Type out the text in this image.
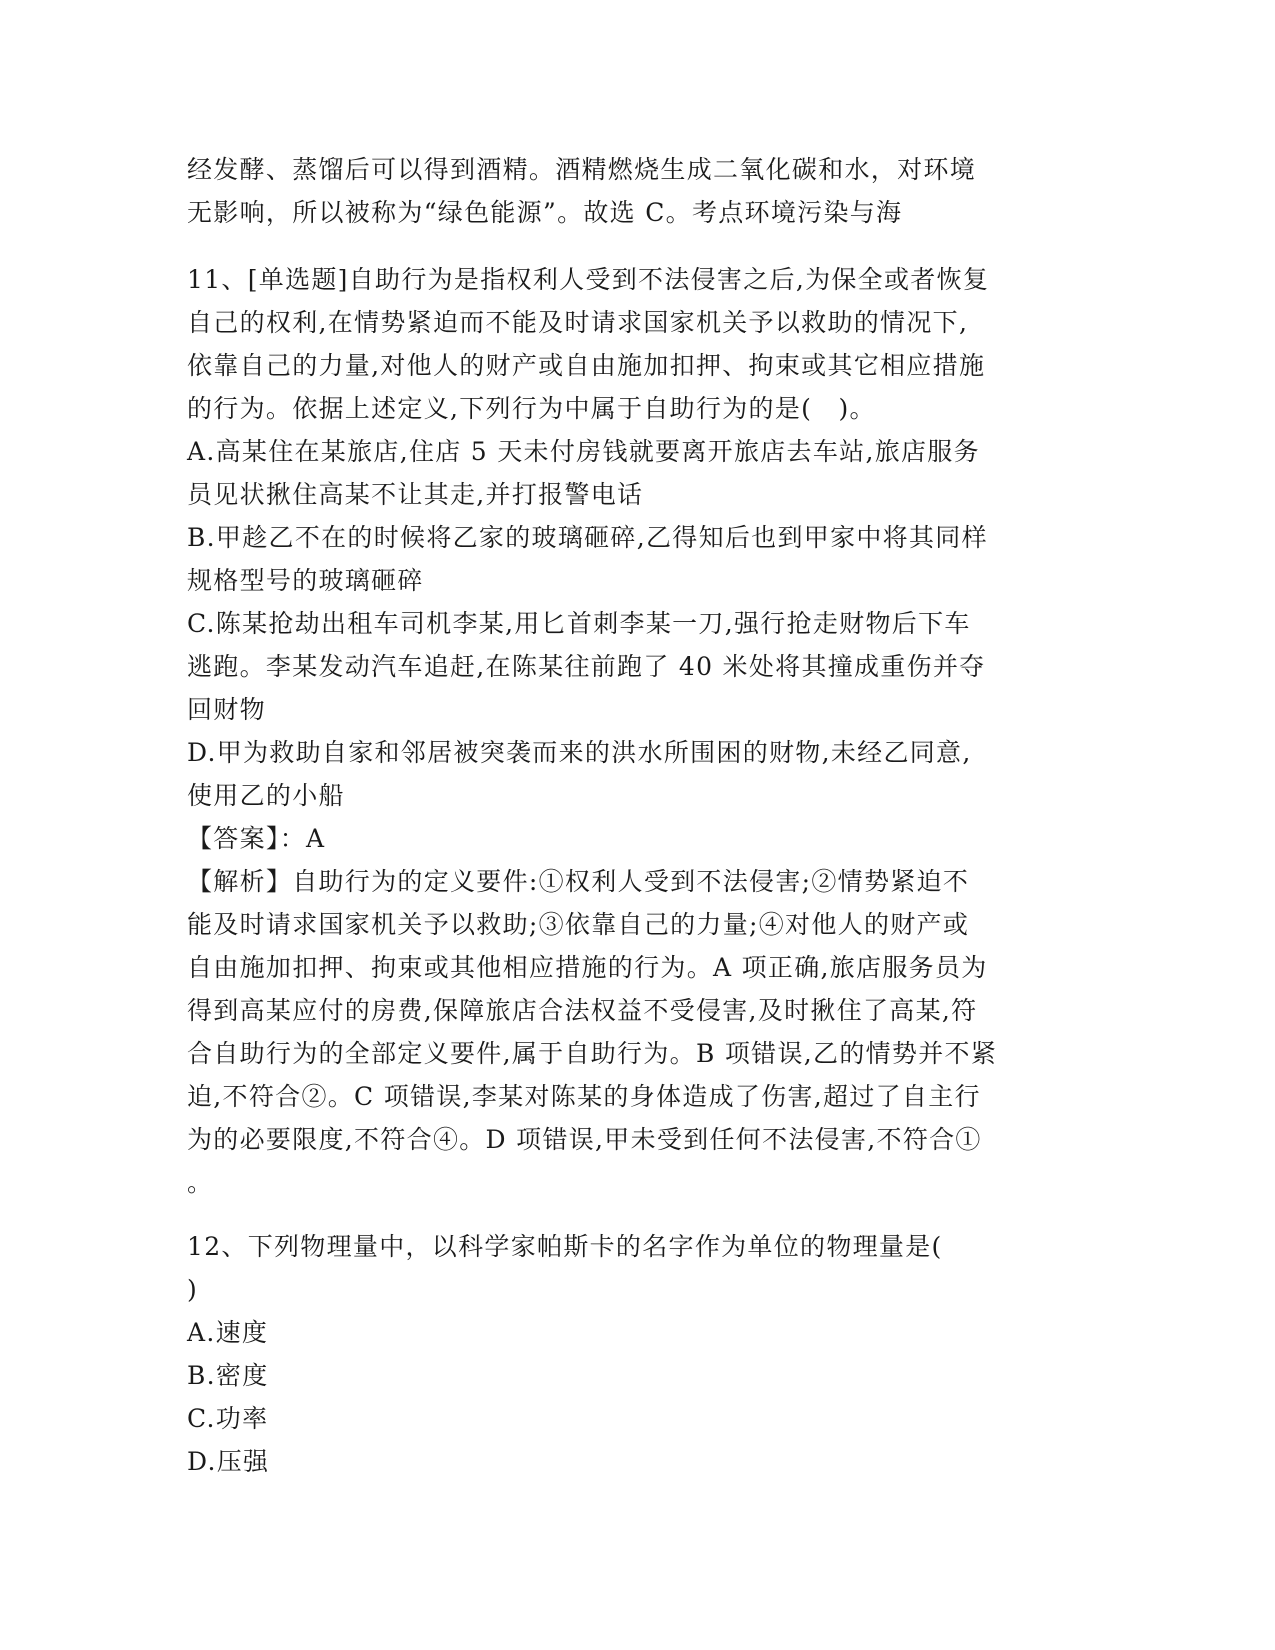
经发酵、蒸馏后可以得到酒精。酒精燃烧生成二氧化碳和水，对环境
无影响，所以被称为“绿色能源”。故选 C。考点环境污染与海
11、[单选题]自助行为是指权利人受到不法侵害之后,为保全或者恢复
自己的权利,在情势紧迫而不能及时请求国家机关予以救助的情况下,
依靠自己的力量,对他人的财产或自由施加扣押、拘束或其它相应措施
的行为。依据上述定义,下列行为中属于自助行为的是(　)。
A.高某住在某旅店,住店 5 天未付房钱就要离开旅店去车站,旅店服务
员见状揪住高某不让其走,并打报警电话
B.甲趁乙不在的时候将乙家的玻璃砸碎,乙得知后也到甲家中将其同样
规格型号的玻璃砸碎
C.陈某抢劫出租车司机李某,用匕首刺李某一刀,强行抢走财物后下车
逃跑。李某发动汽车追赶,在陈某往前跑了 40 米处将其撞成重伤并夺
回财物
D.甲为救助自家和邻居被突袭而来的洪水所围困的财物,未经乙同意,
使用乙的小船
【答案】：A
【解析】自助行为的定义要件:①权利人受到不法侵害;②情势紧迫不
能及时请求国家机关予以救助;③依靠自己的力量;④对他人的财产或
自由施加扣押、拘束或其他相应措施的行为。A 项正确,旅店服务员为
得到高某应付的房费,保障旅店合法权益不受侵害,及时揪住了高某,符
合自助行为的全部定义要件,属于自助行为。B 项错误,乙的情势并不紧
迫,不符合②。C 项错误,李某对陈某的身体造成了伤害,超过了自主行
为的必要限度,不符合④。D 项错误,甲未受到任何不法侵害,不符合①
。
12、下列物理量中，以科学家帕斯卡的名字作为单位的物理量是(
)
A.速度
B.密度
C.功率
D.压强
